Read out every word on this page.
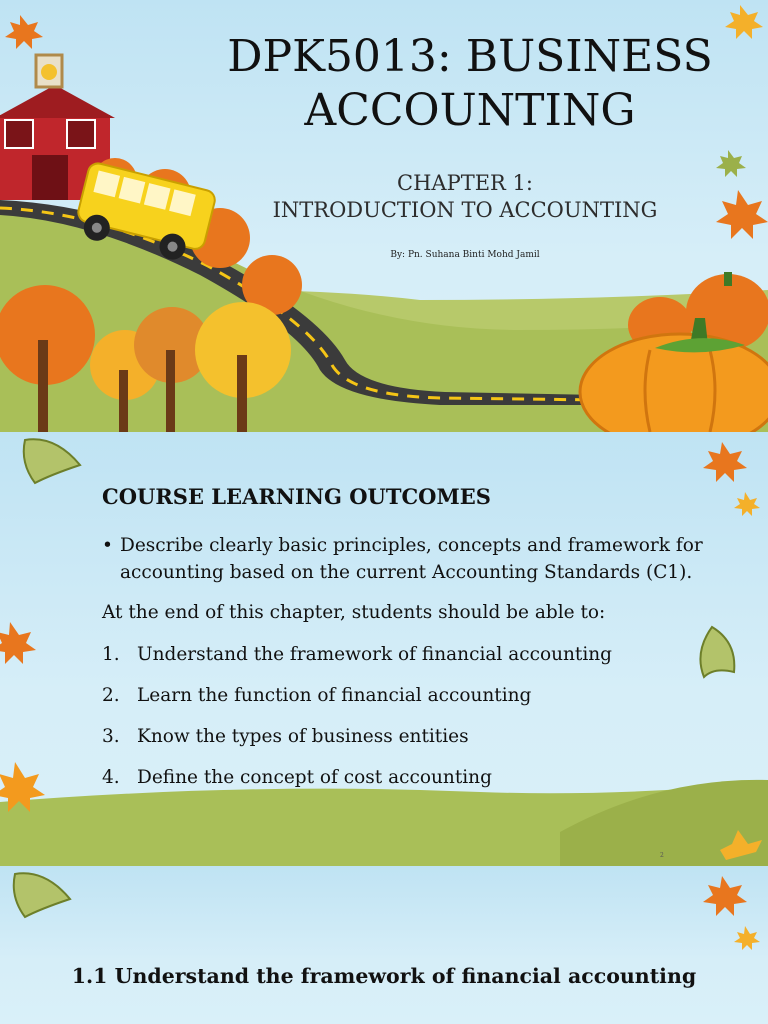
DPK5013: BUSINESS
ACCOUNTING
CHAPTER 1:
INTRODUCTION TO ACCOUNTING
By: Pn. Suhana Binti Mohd Jamil
COURSE LEARNING OUTCOMES
• Describe clearly basic principles, concepts and framework for accounting based on the current Accounting Standards (C1).
At the end of this chapter, students should be able to:
1. Understand the framework of financial accounting
2. Learn the function of financial accounting
3. Know the types of business entities
4. Define the concept of cost accounting
2
1.1 Understand the framework of financial accounting
